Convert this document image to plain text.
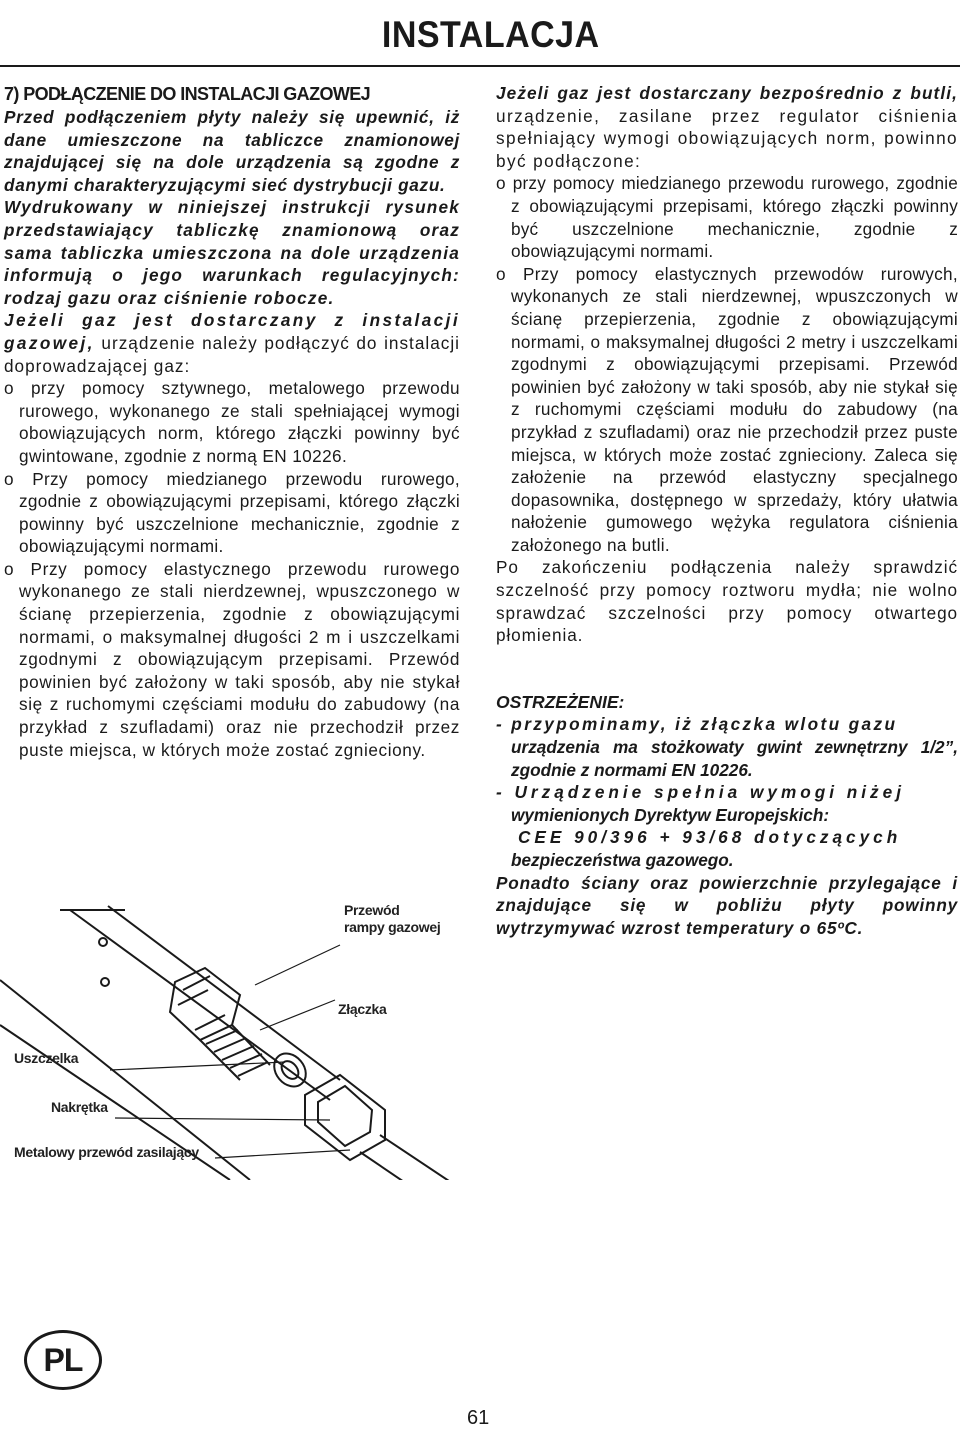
INSTALACJA

7) PODŁĄCZENIE DO INSTALACJI GAZOWEJ

Przed podłączeniem płyty należy się upewnić, iż dane umieszczone na tabliczce znamionowej znajdującej się na dole urządzenia są zgodne z danymi charakteryzującymi sieć dystrybucji gazu.

Wydrukowany w niniejszej instrukcji rysunek przedstawiający tabliczkę znamionową oraz sama tabliczka umieszczona na dole urządzenia informują o jego warunkach regulacyjnych: rodzaj gazu oraz ciśnienie robocze.

Jeżeli gaz jest dostarczany z instalacji gazowej, urządzenie należy podłączyć do instalacji doprowadzającej gaz:

o przy pomocy sztywnego, metalowego przewodu rurowego, wykonanego ze stali spełniającej wymogi obowiązujących norm, którego złączki powinny być gwintowane, zgodnie z normą EN 10226.

o Przy pomocy miedzianego przewodu rurowego, zgodnie z obowiązującymi przepisami, którego złączki powinny być uszczelnione mechanicznie, zgodnie z obowiązującymi normami.

o Przy pomocy elastycznego przewodu rurowego wykonanego ze stali nierdzewnej, wpuszczonego w ścianę przepierzenia, zgodnie z obowiązującymi normami, o maksymalnej długości 2 m i uszczelkami zgodnymi z obowiązującym przepisami. Przewód powinien być założony w taki sposób, aby nie stykał się z ruchomymi częściami modułu do zabudowy (na przykład z szufladami) oraz nie przechodził przez puste miejsca, w których może zostać zgnieciony.

Przewód
rampy gazowej
Złączka
Uszczelka
Nakrętka
Metalowy przewód zasilający

Jeżeli gaz jest dostarczany bezpośrednio z butli, urządzenie, zasilane przez regulator ciśnienia spełniający wymogi obowiązujących norm, powinno być podłączone:

o przy pomocy miedzianego przewodu rurowego, zgodnie z obowiązującymi przepisami, którego złączki powinny być uszczelnione mechanicznie, zgodnie z obowiązującymi normami.

o Przy pomocy elastycznych przewodów rurowych, wykonanych ze stali nierdzewnej, wpuszczonych w ścianę przepierzenia, zgodnie z obowiązującymi normami, o maksymalnej długości 2 metry i uszczelkami zgodnymi z obowiązującymi przepisami. Przewód powinien być założony w taki sposób, aby nie stykał się z ruchomymi częściami modułu do zabudowy (na przykład z szufladami) oraz nie przechodził przez puste miejsca, w których może zostać zgnieciony. Zaleca się założenie na przewód elastyczny specjalnego dopasownika, dostępnego w sprzedaży, który ułatwia nałożenie gumowego wężyka regulatora ciśnienia założonego na butli.

Po zakończeniu podłączenia należy sprawdzić szczelność przy pomocy roztworu mydła; nie wolno sprawdzać szczelności przy pomocy otwartego płomienia.

OSTRZEŻENIE:

- przypominamy, iż złączka wlotu gazu

urządzenia ma stożkowaty gwint zewnętrzny 1/2”, zgodnie z normami EN 10226.

- Urządzenie spełnia wymogi niżej

wymienionych Dyrektyw Europejskich:

CEE 90/396 + 93/68 dotyczących

bezpieczeństwa gazowego.

Ponadto ściany oraz powierzchnie przylegające i znajdujące się w pobliżu płyty powinny wytrzymywać wzrost temperatury o 65ºC.

PL
61
